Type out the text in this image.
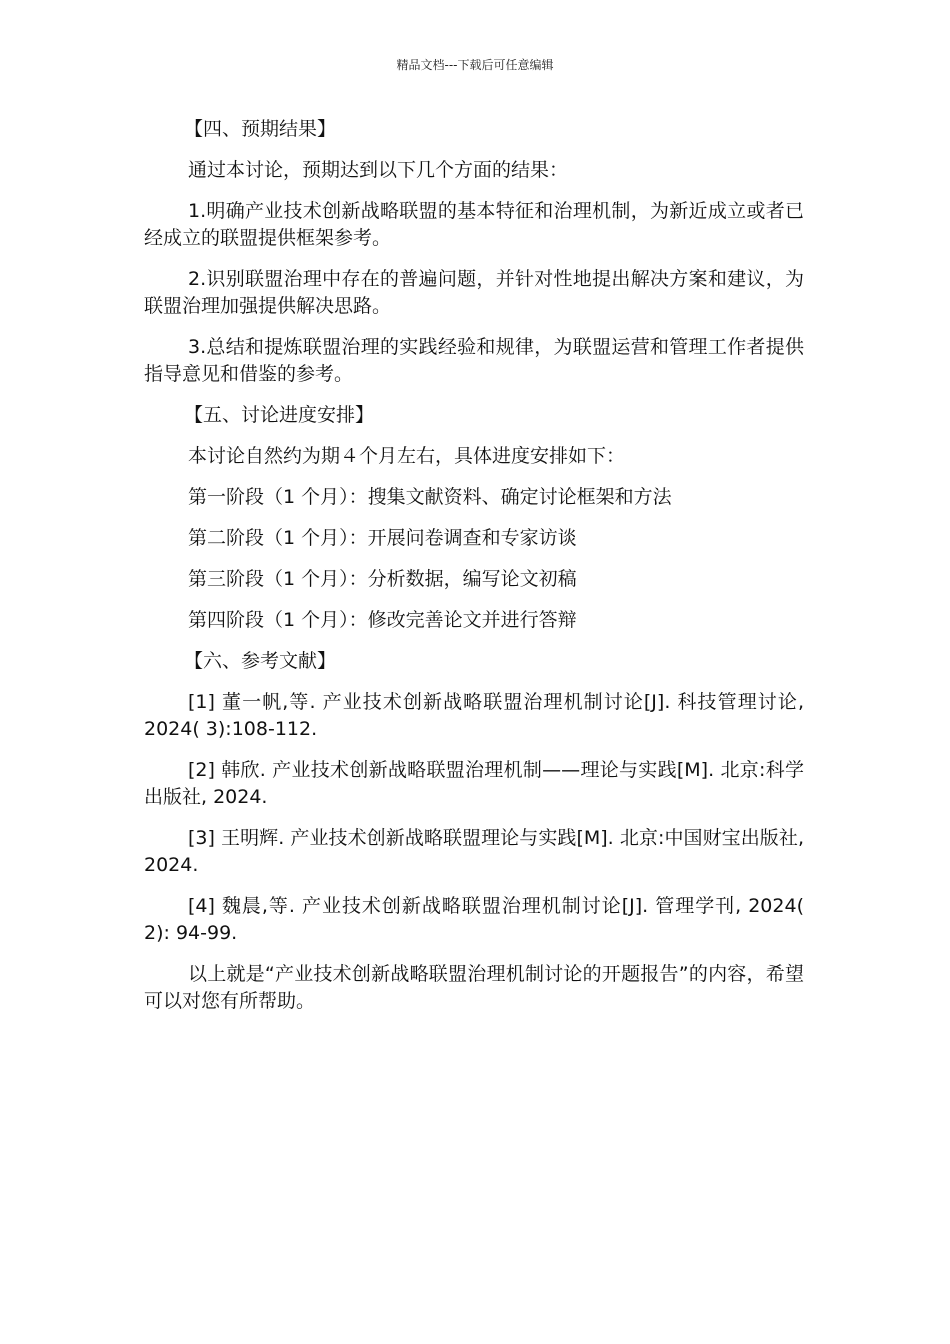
精品文档---下载后可任意编辑

【四、预期结果】

通过本讨论，预期达到以下几个方面的结果：

1.明确产业技术创新战略联盟的基本特征和治理机制，为新近成立或者已经成立的联盟提供框架参考。

2.识别联盟治理中存在的普遍问题，并针对性地提出解决方案和建议，为联盟治理加强提供解决思路。

3.总结和提炼联盟治理的实践经验和规律，为联盟运营和管理工作者提供指导意见和借鉴的参考。

【五、讨论进度安排】

本讨论自然约为期４个月左右，具体进度安排如下：

第一阶段（1 个月）：搜集文献资料、确定讨论框架和方法

第二阶段（1 个月）：开展问卷调查和专家访谈

第三阶段（1 个月）：分析数据，编写论文初稿

第四阶段（1 个月）：修改完善论文并进行答辩

【六、参考文献】

[1] 董一帆,等. 产业技术创新战略联盟治理机制讨论[J]. 科技管理讨论, 2024( 3):108-112.

[2] 韩欣. 产业技术创新战略联盟治理机制——理论与实践[M]. 北京:科学出版社, 2024.

[3] 王明辉. 产业技术创新战略联盟理论与实践[M]. 北京:中国财宝出版社, 2024.

[4] 魏晨,等. 产业技术创新战略联盟治理机制讨论[J]. 管理学刊, 2024( 2): 94-99.

以上就是“产业技术创新战略联盟治理机制讨论的开题报告”的内容，希望可以对您有所帮助。
